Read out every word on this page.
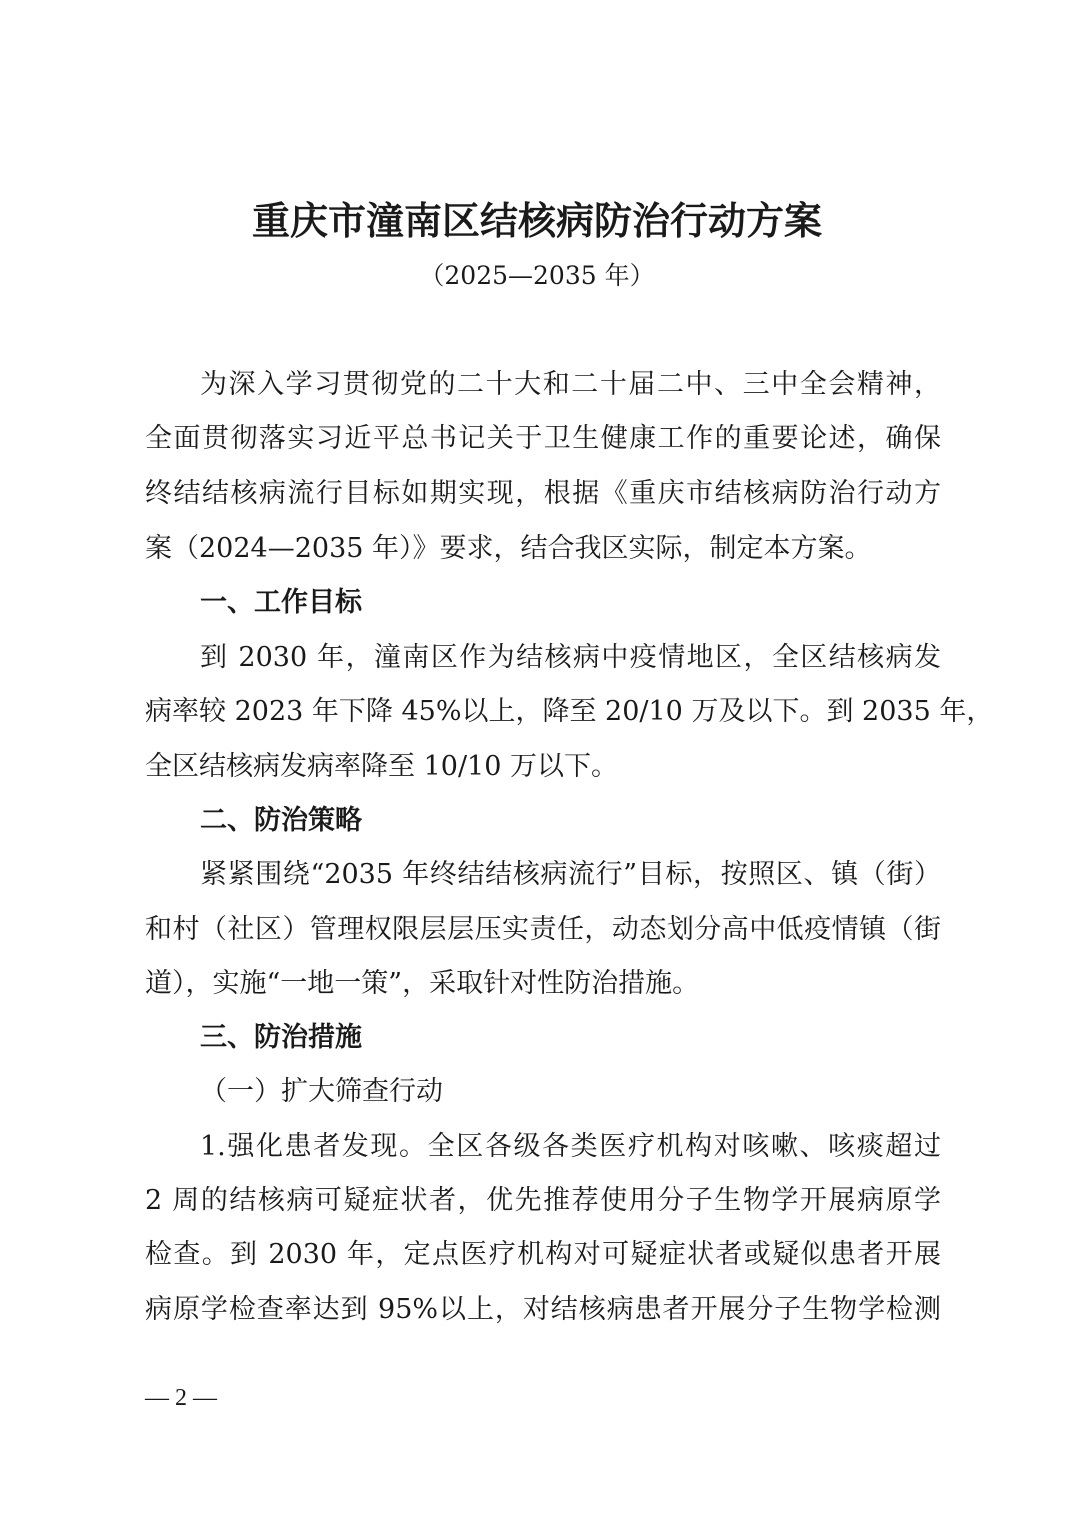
重庆市潼南区结核病防治行动方案
（2025—2035 年）
为深入学习贯彻党的二十大和二十届二中、三中全会精神，
全面贯彻落实习近平总书记关于卫生健康工作的重要论述，确保
终结结核病流行目标如期实现，根据《重庆市结核病防治行动方
案（2024—2035 年）》要求，结合我区实际，制定本方案。
一、工作目标
到 2030 年，潼南区作为结核病中疫情地区，全区结核病发
病率较 2023 年下降 45%以上，降至 20/10 万及以下。到 2035 年，
全区结核病发病率降至 10/10 万以下。
二、防治策略
紧紧围绕“2035 年终结结核病流行”目标，按照区、镇（街）
和村（社区）管理权限层层压实责任，动态划分高中低疫情镇（街
道），实施“一地一策”，采取针对性防治措施。
三、防治措施
（一）扩大筛查行动
1.强化患者发现。全区各级各类医疗机构对咳嗽、咳痰超过
2 周的结核病可疑症状者，优先推荐使用分子生物学开展病原学
检查。到 2030 年，定点医疗机构对可疑症状者或疑似患者开展
病原学检查率达到 95%以上，对结核病患者开展分子生物学检测
— 2 —
